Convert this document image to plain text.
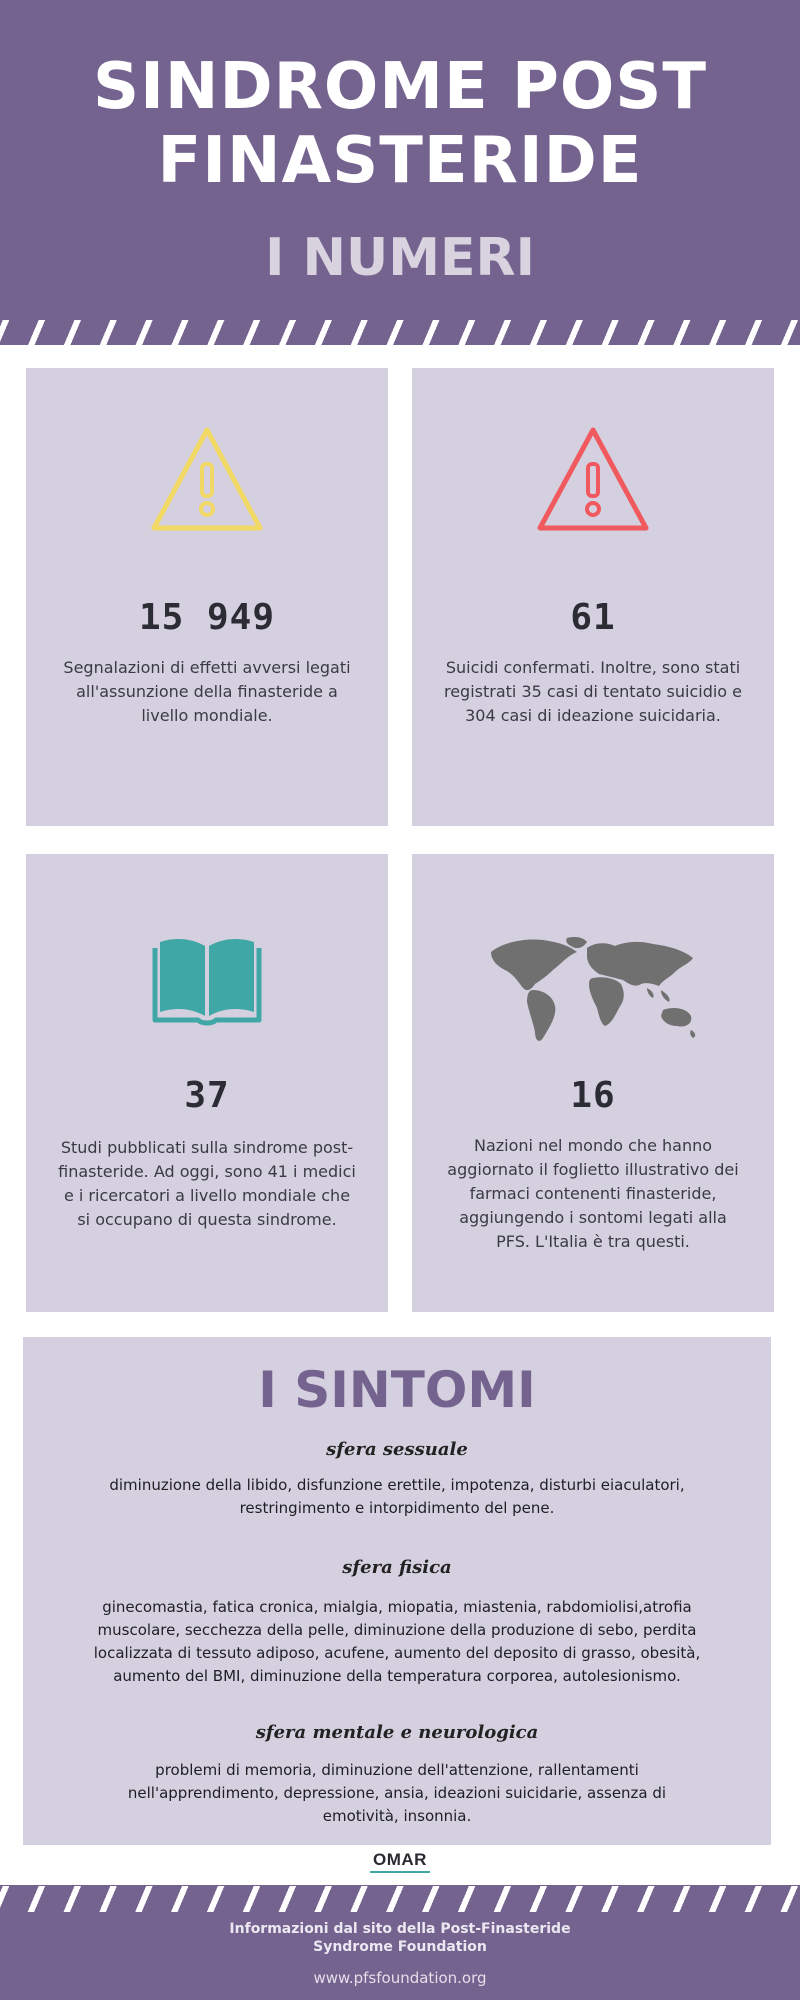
SINDROME POST
FINASTERIDE
I NUMERI

15 949

Segnalazioni di effetti avversi legati all'assunzione della finasteride a livello mondiale.

61

Suicidi confermati. Inoltre, sono stati registrati 35 casi di tentato suicidio e 304 casi di ideazione suicidaria.

37

Studi pubblicati sulla sindrome post-finasteride. Ad oggi, sono 41 i medici e i ricercatori a livello mondiale che si occupano di questa sindrome.

16

Nazioni nel mondo che hanno aggiornato il foglietto illustrativo dei farmaci contenenti finasteride, aggiungendo i sontomi legati alla PFS. L'Italia è tra questi.

I SINTOMI
sfera sessuale

diminuzione della libido, disfunzione erettile, impotenza, disturbi eiaculatori, restringimento e intorpidimento del pene.

sfera fisica

ginecomastia, fatica cronica, mialgia, miopatia, miastenia, rabdomiolisi,atrofia muscolare, secchezza della pelle, diminuzione della produzione di sebo, perdita localizzata di tessuto adiposo, acufene, aumento del deposito di grasso, obesità, aumento del BMI, diminuzione della temperatura corporea, autolesionismo.

sfera mentale e neurologica

problemi di memoria, diminuzione dell'attenzione, rallentamenti nell'apprendimento, depressione, ansia, ideazioni suicidarie, assenza di emotività, insonnia.

OMAR

Informazioni dal sito della Post-Finasteride
Syndrome Foundation

www.pfsfoundation.org
